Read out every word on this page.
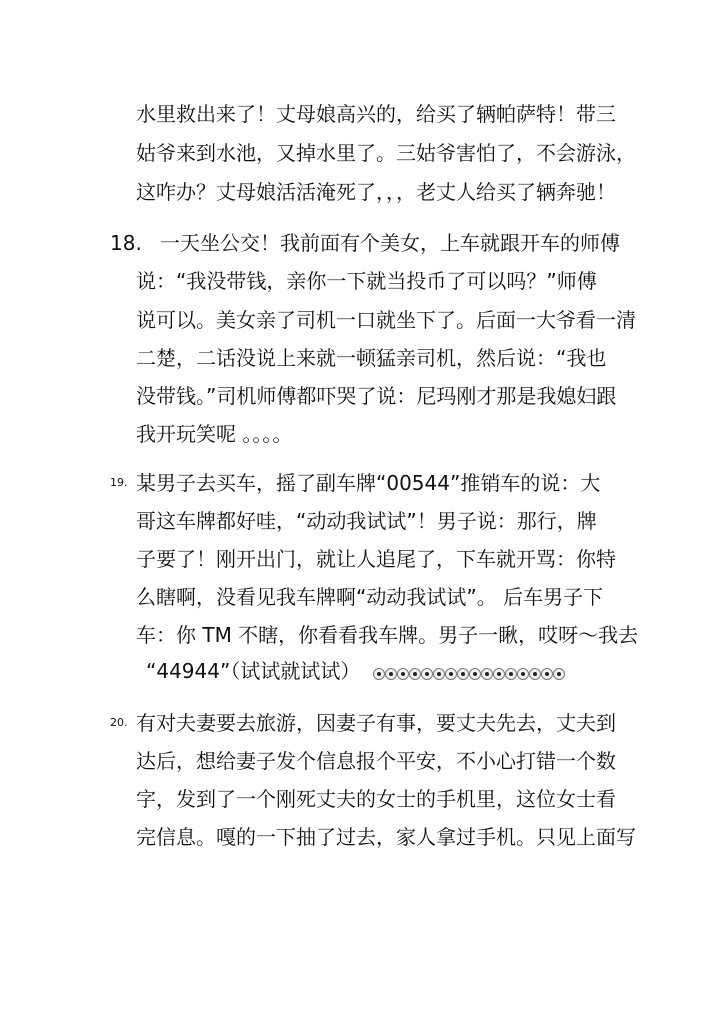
水里救出来了！丈母娘高兴的，给买了辆帕萨特！带三
姑爷来到水池，又掉水里了。三姑爷害怕了，不会游泳，
这咋办？丈母娘活活淹死了，，，老丈人给买了辆奔驰！
18. 一天坐公交！我前面有个美女，上车就跟开车的师傅
说：“我没带钱，亲你一下就当投币了可以吗？”师傅
说可以。美女亲了司机一口就坐下了。后面一大爷看一清
二楚，二话没说上来就一顿猛亲司机，然后说：“我也
没带钱。”司机师傅都吓哭了说：尼玛刚才那是我媳妇跟
我开玩笑呢 。。。。
19. 某男子去买车，摇了副车牌“00544”推销车的说：大
哥这车牌都好哇，“动动我试试”！男子说：那行，牌
子要了！刚开出门，就让人追尾了，下车就开骂：你特
么瞎啊，没看见我车牌啊“动动我试试”。 后车男子下
车：你 TM 不瞎，你看看我车牌。男子一瞅，哎呀～我去
“44944”（试试就试试）
20. 有对夫妻要去旅游，因妻子有事，要丈夫先去，丈夫到
达后，想给妻子发个信息报个平安，不小心打错一个数
字，发到了一个刚死丈夫的女士的手机里，这位女士看
完信息。嘎的一下抽了过去，家人拿过手机。只见上面写
